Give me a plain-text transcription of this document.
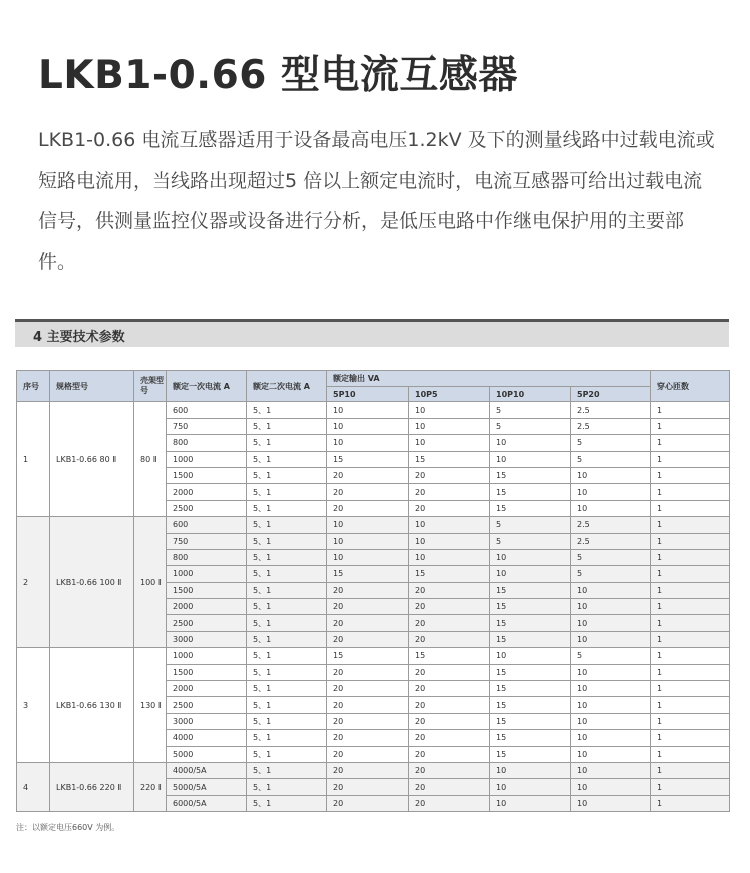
LKB1-0.66 型电流互感器
LKB1-0.66 电流互感器适用于设备最高电压1.2kV 及下的测量线路中过载电流或短路电流用，当线路出现超过5 倍以上额定电流时，电流互感器可给出过载电流信号，供测量监控仪器或设备进行分析，是低压电路中作继电保护用的主要部件。
4 主要技术参数
序号	规格型号	壳架型号	额定一次电流 A	额定二次电流 A	额定输出 VA				穿心匝数
					5P10	10P5	10P10	5P20	
1	LKB1-0.66 80 Ⅱ	80 Ⅱ	600	5、1	10	10	5	2.5	1
			750	5、1	10	10	5	2.5	1
			800	5、1	10	10	10	5	1
			1000	5、1	15	15	10	5	1
			1500	5、1	20	20	15	10	1
			2000	5、1	20	20	15	10	1
			2500	5、1	20	20	15	10	1
2	LKB1-0.66 100 Ⅱ	100 Ⅱ	600	5、1	10	10	5	2.5	1
			750	5、1	10	10	5	2.5	1
			800	5、1	10	10	10	5	1
			1000	5、1	15	15	10	5	1
			1500	5、1	20	20	15	10	1
			2000	5、1	20	20	15	10	1
			2500	5、1	20	20	15	10	1
			3000	5、1	20	20	15	10	1
3	LKB1-0.66 130 Ⅱ	130 Ⅱ	1000	5、1	15	15	10	5	1
			1500	5、1	20	20	15	10	1
			2000	5、1	20	20	15	10	1
			2500	5、1	20	20	15	10	1
			3000	5、1	20	20	15	10	1
			4000	5、1	20	20	15	10	1
			5000	5、1	20	20	15	10	1
4	LKB1-0.66 220 Ⅱ	220 Ⅱ	4000/5A	5、1	20	20	10	10	1
			5000/5A	5、1	20	20	10	10	1
			6000/5A	5、1	20	20	10	10	1
注：以额定电压660V 为例。
